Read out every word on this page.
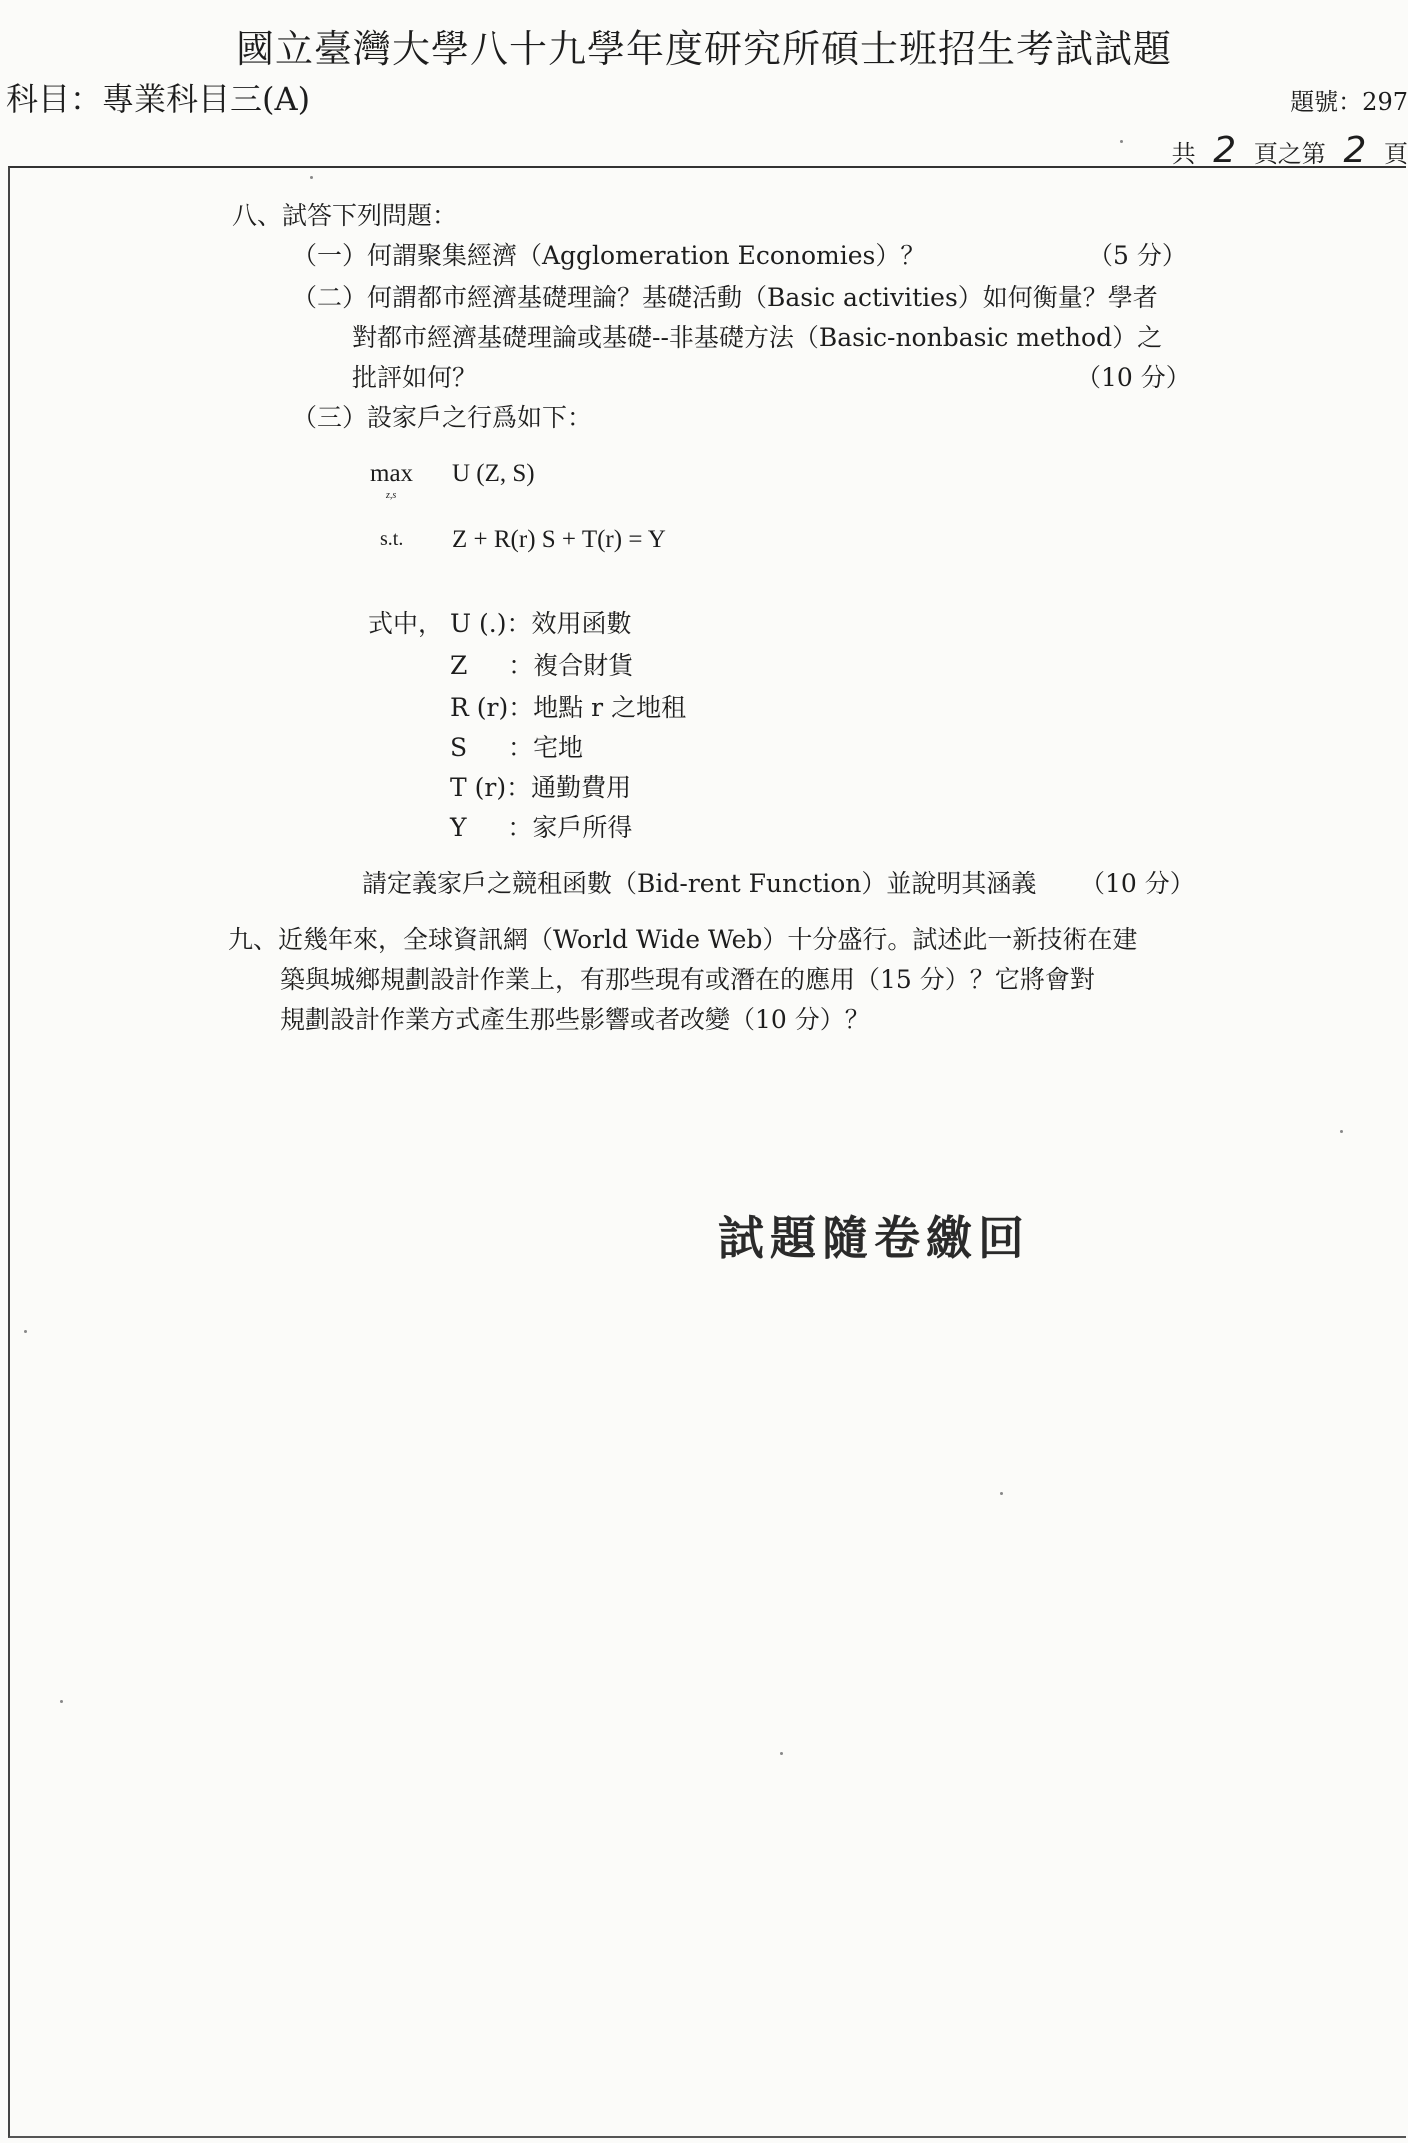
國立臺灣大學八十九學年度研究所碩士班招生考試試題
科目：專業科目三(A)	題號：297
共 2 頁之第 2 頁
八、試答下列問題：
（一）何謂聚集經濟（Agglomeration Economies）？	（5 分）
（二）何謂都市經濟基礎理論？基礎活動（Basic activities）如何衡量？學者
對都市經濟基礎理論或基礎--非基礎方法（Basic-nonbasic method）之
批評如何？	（10 分）
（三）設家戶之行爲如下：
max
z,s
U (Z, S)
s.t. Z + R(r) S + T(r) = Y
式中， U (.)：效用函數
Z 　 ：複合財貨
R (r)：地點 r 之地租
S 　 ：宅地
T (r)：通勤費用
Y 　 ：家戶所得
請定義家戶之競租函數（Bid-rent Function）並說明其涵義 （10 分）
九、近幾年來，全球資訊網（World Wide Web）十分盛行。試述此一新技術在建
築與城鄉規劃設計作業上，有那些現有或潛在的應用（15 分）？它將會對
規劃設計作業方式產生那些影響或者改變（10 分）？
試題隨卷繳回
